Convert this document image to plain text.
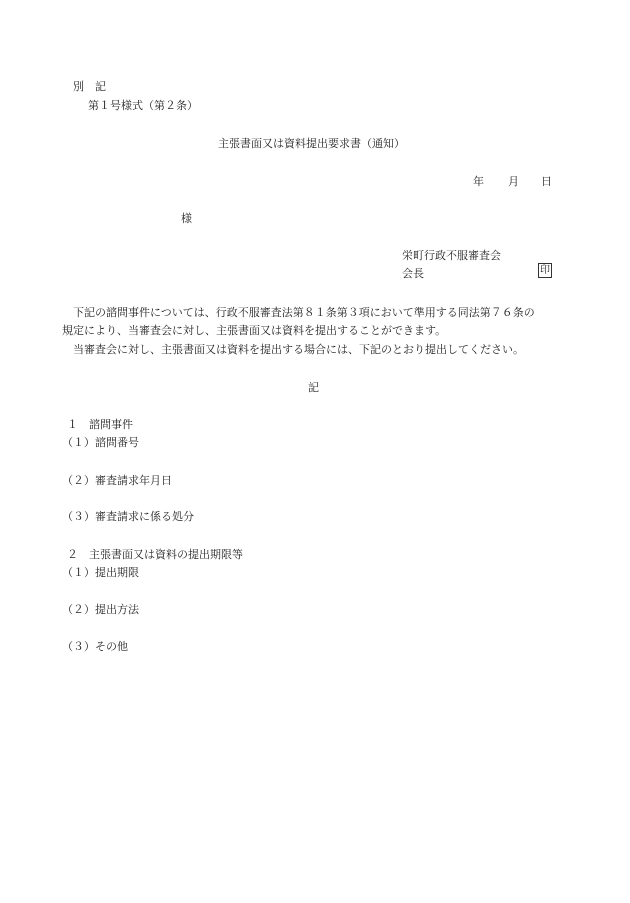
別　記
第１号様式（第２条）
主張書面又は資料提出要求書（通知）
年 月 日
様
栄町行政不服審査会
会長	印
下記の諮問事件については、行政不服審査法第８１条第３項において準用する同法第７６条の
規定により、当審査会に対し、主張書面又は資料を提出することができます。
当審査会に対し、主張書面又は資料を提出する場合には、下記のとおり提出してください。
記
１　諮問事件
（１）諮問番号
（２）審査請求年月日
（３）審査請求に係る処分
２　主張書面又は資料の提出期限等
（１）提出期限
（２）提出方法
（３）その他
